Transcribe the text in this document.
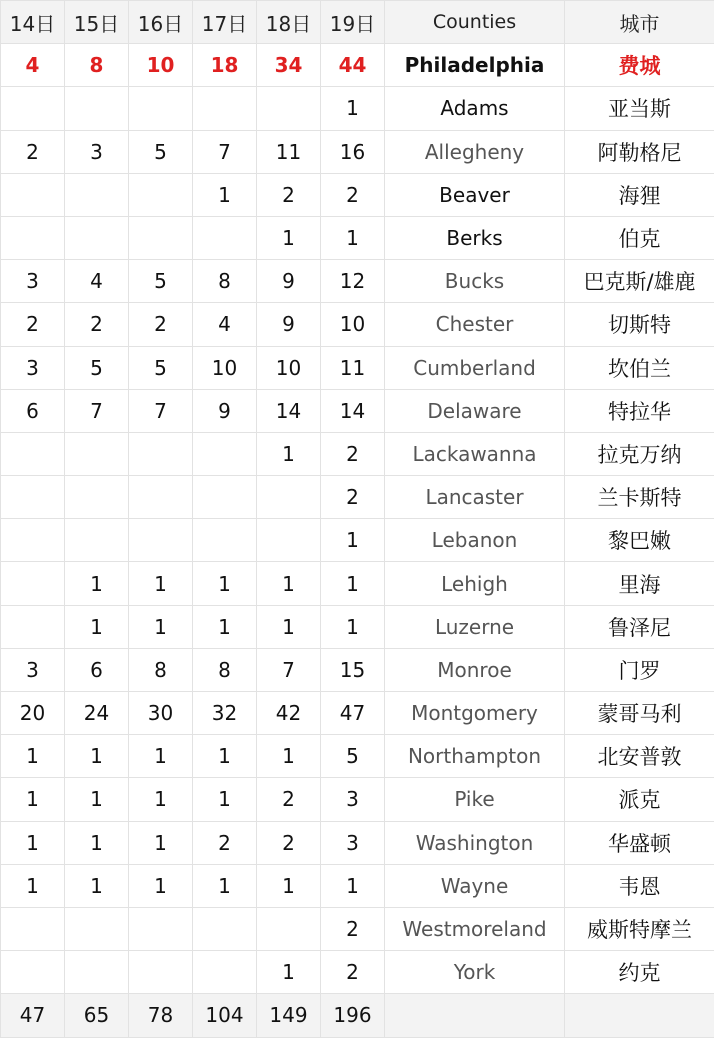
14日	15日	16日	17日	18日	19日	Counties	城市
4	8	10	18	34	44	Philadelphia	费城
					1	Adams	亚当斯
2	3	5	7	11	16	Allegheny	阿勒格尼
			1	2	2	Beaver	海狸
				1	1	Berks	伯克
3	4	5	8	9	12	Bucks	巴克斯/雄鹿
2	2	2	4	9	10	Chester	切斯特
3	5	5	10	10	11	Cumberland	坎伯兰
6	7	7	9	14	14	Delaware	特拉华
				1	2	Lackawanna	拉克万纳
					2	Lancaster	兰卡斯特
					1	Lebanon	黎巴嫩
	1	1	1	1	1	Lehigh	里海
	1	1	1	1	1	Luzerne	鲁泽尼
3	6	8	8	7	15	Monroe	门罗
20	24	30	32	42	47	Montgomery	蒙哥马利
1	1	1	1	1	5	Northampton	北安普敦
1	1	1	1	2	3	Pike	派克
1	1	1	2	2	3	Washington	华盛顿
1	1	1	1	1	1	Wayne	韦恩
					2	Westmoreland	威斯特摩兰
				1	2	York	约克
47	65	78	104	149	196		
